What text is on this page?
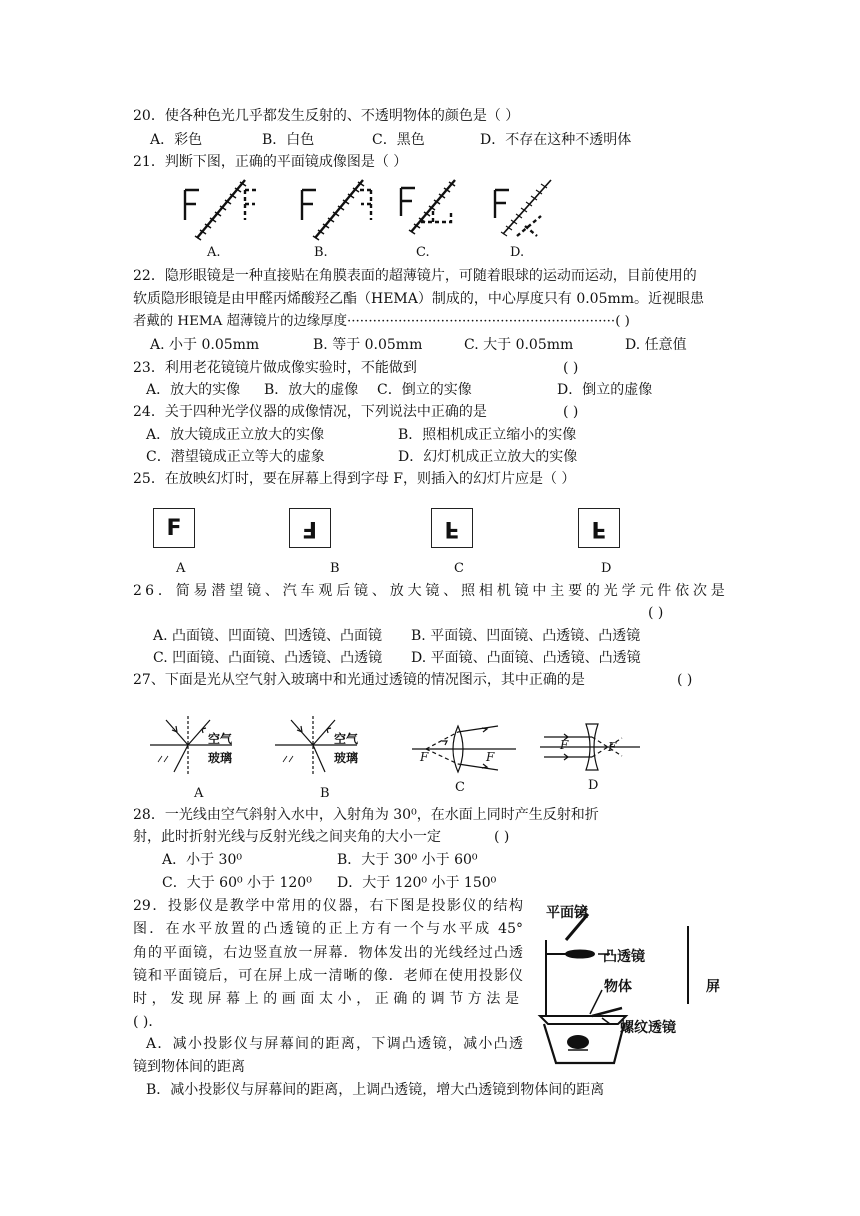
20．使各种色光几乎都发生反射的、不透明物体的颜色是（ ）
A．彩色	B．白色	C．黑色	D．不存在这种不透明体
21．判断下图，正确的平面镜成像图是（ ）
A.	B.	C.	D.
22．隐形眼镜是一种直接贴在角膜表面的超薄镜片，可随着眼球的运动而运动，目前使用的
软质隐形眼镜是由甲醛丙烯酸羟乙酯（HEMA）制成的，中心厚度只有 0.05mm。近视眼患
者戴的 HEMA 超薄镜片的边缘厚度·······························································( )
A. 小于 0.05mm	B. 等于 0.05mm	C. 大于 0.05mm	D. 任意值
23．利用老花镜镜片做成像实验时，不能做到	( )
A．放大的实像 B．放大的虚像 C．倒立的实像	D．倒立的虚像
24．关于四种光学仪器的成像情况，下列说法中正确的是	( )
A．放大镜成正立放大的实像	B．照相机成正立缩小的实像
C．潜望镜成正立等大的虚象	D．幻灯机成正立放大的实像
25．在放映幻灯时，要在屏幕上得到字母 F，则插入的幻灯片应是（ ）
F	F	F	F
A	B	C	D
26．简易潜望镜、汽车观后镜、放大镜、照相机镜中主要的光学元件依次是
( )
A. 凸面镜、凹面镜、凹透镜、凸面镜 B. 平面镜、凹面镜、凸透镜、凸透镜
C. 凹面镜、凸面镜、凸透镜、凸透镜 D. 平面镜、凸面镜、凸透镜、凸透镜
27、下面是光从空气射入玻璃中和光通过透镜的情况图示，其中正确的是	( )
空气
玻璃
A
空气
玻璃
B
F	F
C
F	F
D
28．一光线由空气斜射入水中，入射角为 30⁰，在水面上同时产生反射和折
射，此时折射光线与反射光线之间夹角的大小一定	( )
A．小于 30⁰	B．大于 30⁰ 小于 60⁰
C．大于 60⁰ 小于 120⁰ D．大于 120⁰ 小于 150⁰
29．投影仪是教学中常用的仪器，右下图是投影仪的结构
图．在水平放置的凸透镜的正上方有一个与水平成 45°
角的平面镜，右边竖直放一屏幕．物体发出的光线经过凸透
镜和平面镜后，可在屏上成一清晰的像．老师在使用投影仪
时，发现屏幕上的画面太小，正确的调节方法是
( )．
A．减小投影仪与屏幕间的距离，下调凸透镜，减小凸透
镜到物体间的距离
B．减小投影仪与屏幕间的距离，上调凸透镜，增大凸透镜到物体间的距离
平面镜
凸透镜
物体
螺纹透镜
屏
